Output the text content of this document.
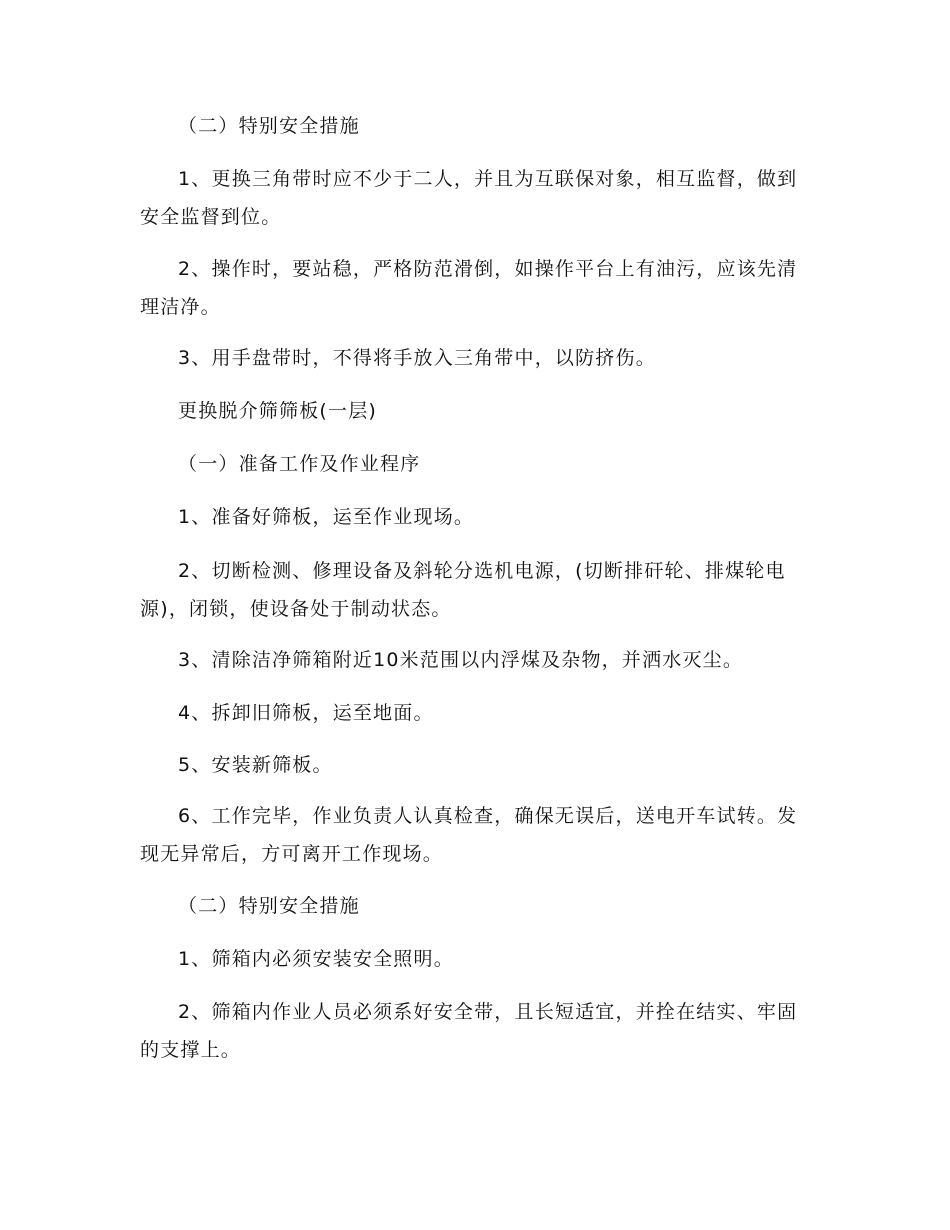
（二）特别安全措施

1、更换三角带时应不少于二人，并且为互联保对象，相互监督，做到安全监督到位。

2、操作时，要站稳，严格防范滑倒，如操作平台上有油污，应该先清理洁净。

3、用手盘带时，不得将手放入三角带中，以防挤伤。

更换脱介筛筛板(一层)

（一）准备工作及作业程序

1、准备好筛板，运至作业现场。

2、切断检测、修理设备及斜轮分选机电源，(切断排矸轮、排煤轮电源)，闭锁，使设备处于制动状态。

3、清除洁净筛箱附近10米范围以内浮煤及杂物，并洒水灭尘。

4、拆卸旧筛板，运至地面。

5、安装新筛板。

6、工作完毕，作业负责人认真检查，确保无误后，送电开车试转。发现无异常后，方可离开工作现场。

（二）特别安全措施

1、筛箱内必须安装安全照明。

2、筛箱内作业人员必须系好安全带，且长短适宜，并拴在结实、牢固的支撑上。
